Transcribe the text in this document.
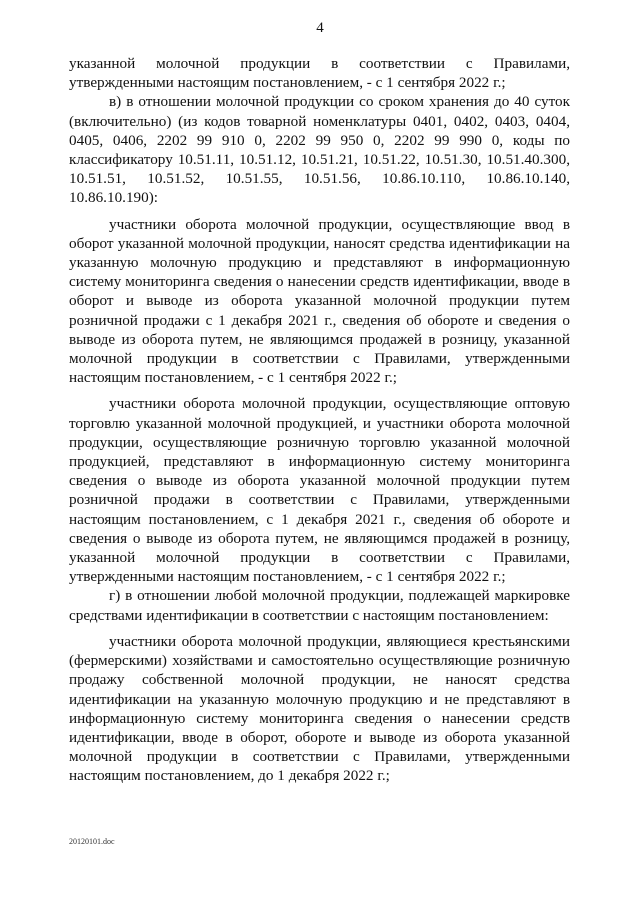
4

указанной молочной продукции в соответствии с Правилами, утвержденными настоящим постановлением, - с 1 сентября 2022 г.;

в) в отношении молочной продукции со сроком хранения до 40 суток (включительно) (из кодов товарной номенклатуры 0401, 0402, 0403, 0404, 0405, 0406, 2202 99 910 0, 2202 99 950 0, 2202 99 990 0, коды по классификатору 10.51.11, 10.51.12, 10.51.21, 10.51.22, 10.51.30, 10.51.40.300, 10.51.51, 10.51.52, 10.51.55, 10.51.56, 10.86.10.110, 10.86.10.140, 10.86.10.190):

участники оборота молочной продукции, осуществляющие ввод в оборот указанной молочной продукции, наносят средства идентификации на указанную молочную продукцию и представляют в информационную систему мониторинга сведения о нанесении средств идентификации, вводе в оборот и выводе из оборота указанной молочной продукции путем розничной продажи с 1 декабря 2021 г., сведения об обороте и сведения о выводе из оборота путем, не являющимся продажей в розницу, указанной молочной продукции в соответствии с Правилами, утвержденными настоящим постановлением, - с 1 сентября 2022 г.;

участники оборота молочной продукции, осуществляющие оптовую торговлю указанной молочной продукцией, и участники оборота молочной продукции, осуществляющие розничную торговлю указанной молочной продукцией, представляют в информационную систему мониторинга сведения о выводе из оборота указанной молочной продукции путем розничной продажи в соответствии с Правилами, утвержденными настоящим постановлением, с 1 декабря 2021 г., сведения об обороте и сведения о выводе из оборота путем, не являющимся продажей в розницу, указанной молочной продукции в соответствии с Правилами, утвержденными настоящим постановлением, - с 1 сентября 2022 г.;

г) в отношении любой молочной продукции, подлежащей маркировке средствами идентификации в соответствии с настоящим постановлением:

участники оборота молочной продукции, являющиеся крестьянскими (фермерскими) хозяйствами и самостоятельно осуществляющие розничную продажу собственной молочной продукции, не наносят средства идентификации на указанную молочную продукцию и не представляют в информационную систему мониторинга сведения о нанесении средств идентификации, вводе в оборот, обороте и выводе из оборота указанной молочной продукции в соответствии с Правилами, утвержденными настоящим постановлением, до 1 декабря 2022 г.;

20120101.doc
